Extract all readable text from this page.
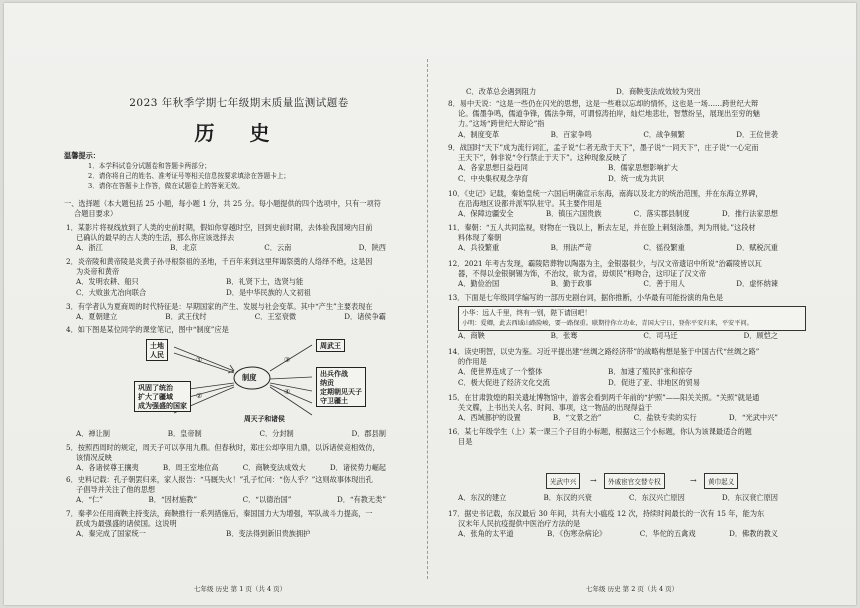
2023 年秋季学期七年级期末质量监测试题卷
历 史
温馨提示：
1．本学科试卷分试题卷和答题卡两部分；
2．请你将自己的姓名、准考证号等相关信息按要求填涂在答题卡上；
3．请你在答题卡上作答，做在试题卷上的答案无效。
一、选择题（本大题包括 25 小题，每小题 1 分，共 25 分。每小题提供的四个选项中，只有一项符
合题目要求）
1．某影片将视线放到了人类的史前时期，假如你穿越时空，回到史前时期，去体验我国境内目前
已确认的最早的古人类的生活，那么你应该选择去
A．浙江	B．北京	C．云南	D．陕西
2．炎帝陵和黄帝陵是炎黄子孙寻根祭祖的圣地，千百年来到这里拜谒祭奠的人络绎不绝，这是因
为炎帝和黄帝
A．发明农耕、船只	B．礼贤下士，选贤与能
C．大败蚩尤冶向联合	D．是中华民族的人文初祖
3．有学者认为夏商周的时代特征是：早期国家的产生、发展与社会变革。其中“产生”主要表现在
A．夏朝建立	B．武王伐纣	C．王室衰微	D．诸侯争霸
4．如下图是某位同学的课堂笔记，图中“制度”应是
土地
人民
①
②
③
④
制度
周武王
巩固了统治
扩大了疆域
成为强盛的国家
出兵作战
纳贡
定期朝见天子
守卫疆土
周天子和诸侯
A．禅让制	B．皇帝制	C．分封制	D．郡县制
5．按照西周时的规定，周天子可以享用九鼎。但春秋时，郑庄公却享用九鼎，以诉诸侯竞相效仿，
该情况反映
A．各诸侯尊王攘夷	B．周王室地位高	C．商鞅变法成效大	D．诸侯势力崛起
6．史料记载：孔子朝罢归来，家人报告：“马厩失火！”孔子忙问：“伤人乎？”这则故事体现出孔
子倡导并关注了他的思想
A．“仁”	B．“因材施教”	C．“以德治国”	D．“有教无类”
7．秦孝公任用商鞅主持变法，商鞅推行一系列措施后，秦国国力大为增强，军队战斗力提高，一
跃成为最强盛的诸侯国。这说明
A．秦完成了国家统一	B．变法得到新旧贵族拥护
七年级 历史 第 1 页（共 4 页）
C．改革总会遇到阻力	D．商鞅变法成效较为突出
8．易中天说：“这是一些仍在闪光的思想，这是一些难以忘却的情怀，这也是一场……跨世纪大辩
论。儒墨争鸣，儒道争锋，儒法争辩，可谓惊涛拍岸，灿烂地悲壮，智慧纷呈，展现出至穷的魅
力。”这场“跨世纪大辩论”指
A．制度变革	B．百家争鸣	C．战争频繁	D．王位世袭
9．战国时“天下”成为流行词汇，孟子说“仁者无敌于天下”，墨子说“一同天下”，庄子说“一心定而
王天下”，韩非说“令行禁止于天下”。这种现象反映了
A．各家思想日益趋同	B．儒家思想影响扩大
C．中央集权观念孕育	D．统一成为共识
10．《史记》记载，秦始皇统一六国后明确宣示东海，南海以及北方的统治范围，并在东海立界碑，
在沿海地区设都并派军队驻守。其主要作用是
A．保障边疆安全	B．镇压六国贵族	C．落实郡县制度	D．推行法家思想
11．秦朝：“五人共同监视，财物在一钱以上，断去左足，并在脸上刺刻涂墨，判为刑徒。”这段材
料体现了秦朝
A．兵役繁重	B．刑法严苛	C．徭役繁重	D．赋税沉重
12．2021 年考古发现，霸陵陪葬物以陶器为主，金银器很少，与汉文帝遗诏中所说“治霸陵皆以瓦
器，不得以金银铜锡为饰，不治坟，欲为省，毋烦民”相吻合，这印证了汉文帝
A．勤俭治国	B．勤于政事	C．善于用人	D．虚怀纳谏
13．下面是七年级同学编写的一部历史剧台词，据你推断，小华最有可能扮演的角色是
小华：远人千里，终有一别，陛下请回吧！
小明：爱卿，此去西域山路险峻，要一路保重。联期待你立功业，青国大宁日，登你平安归来，平安平问。
A．商鞅	B．张骞	C．司马迁	D．顾恺之
14．读史明智，以史为鉴。习近平提出建“丝绸之路经济带”的战略构想是鉴于中国古代“丝绸之路”
的作用是
A．使世界连成了一个整体	B．加速了殖民扩张和掠夺
C．极大促进了经济文化交流	D．促进了亚、非地区的贸易
15．在甘肃敦煌的阳关遗址博物馆中，游客会看到两千年前的“护照”——阳关关照。“关照”就是通
关文牒，上书出关人名、时间、事项，这一物品的出现得益于
A．西域都护的设置	B．“文景之治”	C．盐铁专卖的实行	D．“光武中兴”
16．某七年级学生（上）某一课三个子目的小标题，根据这三个小标题，你认为该课最适合的题
目是
光武中兴	→	外戚宦官交替专权	→	黄巾起义
A．东汉的建立	B．东汉的兴衰	C．东汉兴亡原因	D．东汉衰亡原因
17．据史书记载，东汉最后 30 年间，共有大小瘟疫 12 次，持续时间最长的一次有 15 年，能为东
汉末年人民抗疫提供中医治疗方法的是
A．张角的太平道	B．《伤寒杂病论》	C．华佗的五禽戏	D．佛教的教义
七年级 历史 第 2 页（共 4 页）
